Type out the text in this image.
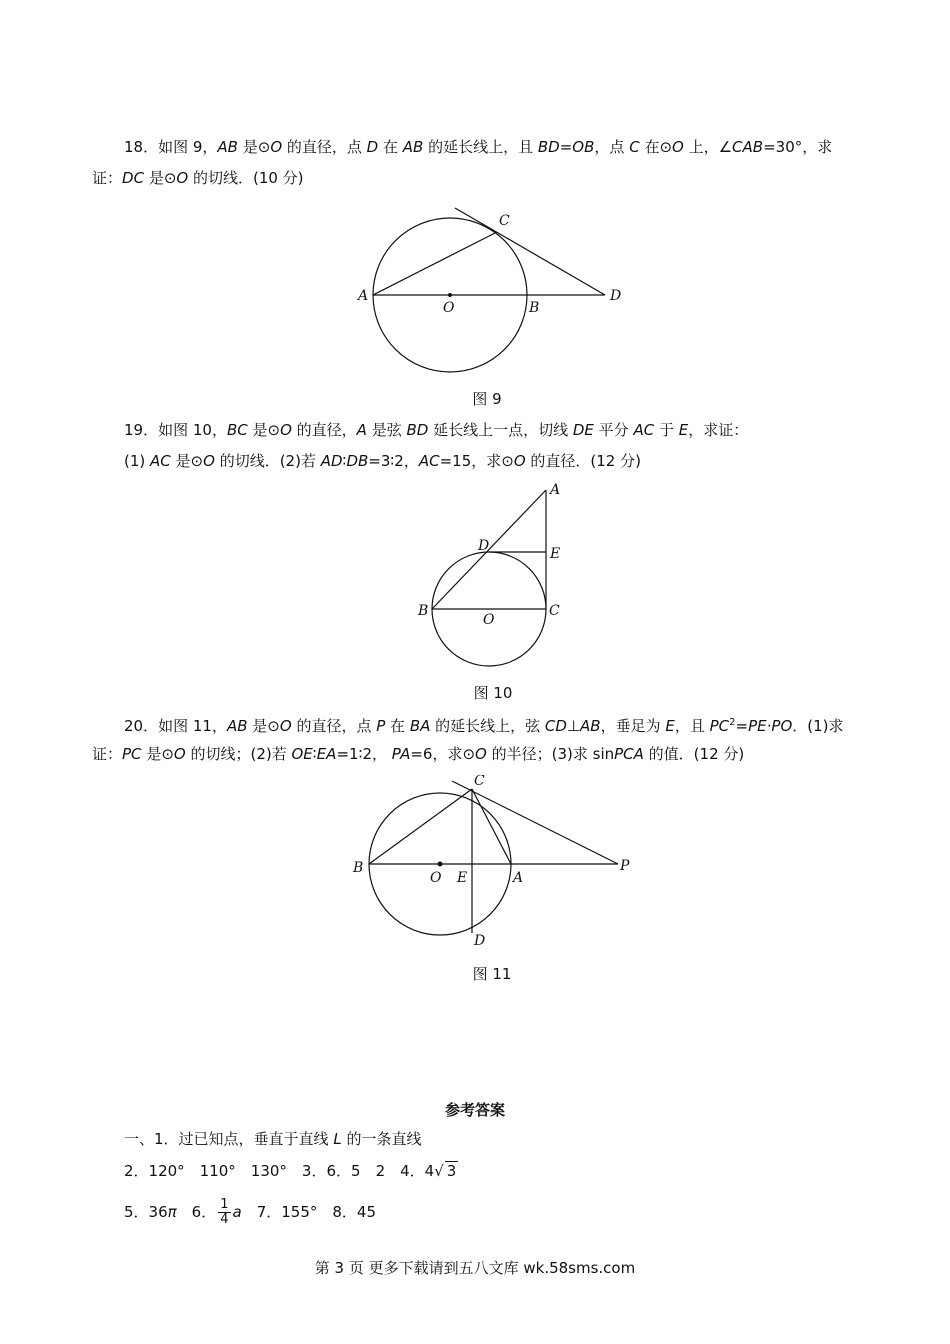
18．如图 9，AB 是⊙O 的直径，点 D 在 AB 的延长线上，且 BD=OB，点 C 在⊙O 上，∠CAB=30°，求
证：DC 是⊙O 的切线．(10 分)
A
O	B
C
D
图 9
19．如图 10，BC 是⊙O 的直径，A 是弦 BD 延长线上一点，切线 DE 平分 AC 于 E，求证：
(1) AC 是⊙O 的切线．(2)若 AD∶DB=3∶2，AC=15，求⊙O 的直径．(12 分)
A
D	E
B
O
C
图 10
20．如图 11，AB 是⊙O 的直径，点 P 在 BA 的延长线上，弦 CD⊥AB，垂足为 E，且 $PC^2=PE\cdot PO$．(1)求
证：PC 是⊙O 的切线；(2)若 OE∶EA=1∶2， PA=6，求⊙O 的半径；(3)求 sinPCA 的值．(12 分)
C
B
O E	A
P
D
图 11
参考答案
一、1．过已知点，垂直于直线 L 的一条直线
2．120°　110°　130°　3．6．5　2　4．4√ 3
5．36π　6． $\frac{1}{4}$ a　7．155°　8．45
第 3 页 更多下载请到五八文库 wk.58sms.com
